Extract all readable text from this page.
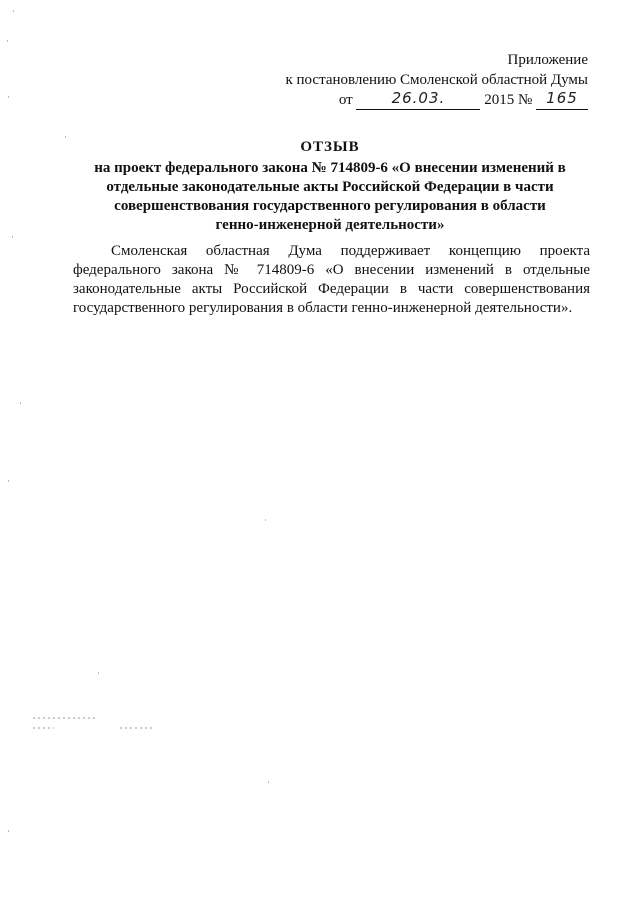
Приложение
к постановлению Смоленской областной Думы
от	26.03.	2015 № 165
ОТЗЫВ
на проект федерального закона № 714809-6 «О внесении изменений в
отдельные законодательные акты Российской Федерации в части
совершенствования государственного регулирования в области
генно-инженерной деятельности»
Смоленская областная Дума поддерживает концепцию проекта федерального закона № 714809-6 «О внесении изменений в отдельные законодательные акты Российской Федерации в части совершенствования государственного регулирования в области генно-инженерной деятельности».
